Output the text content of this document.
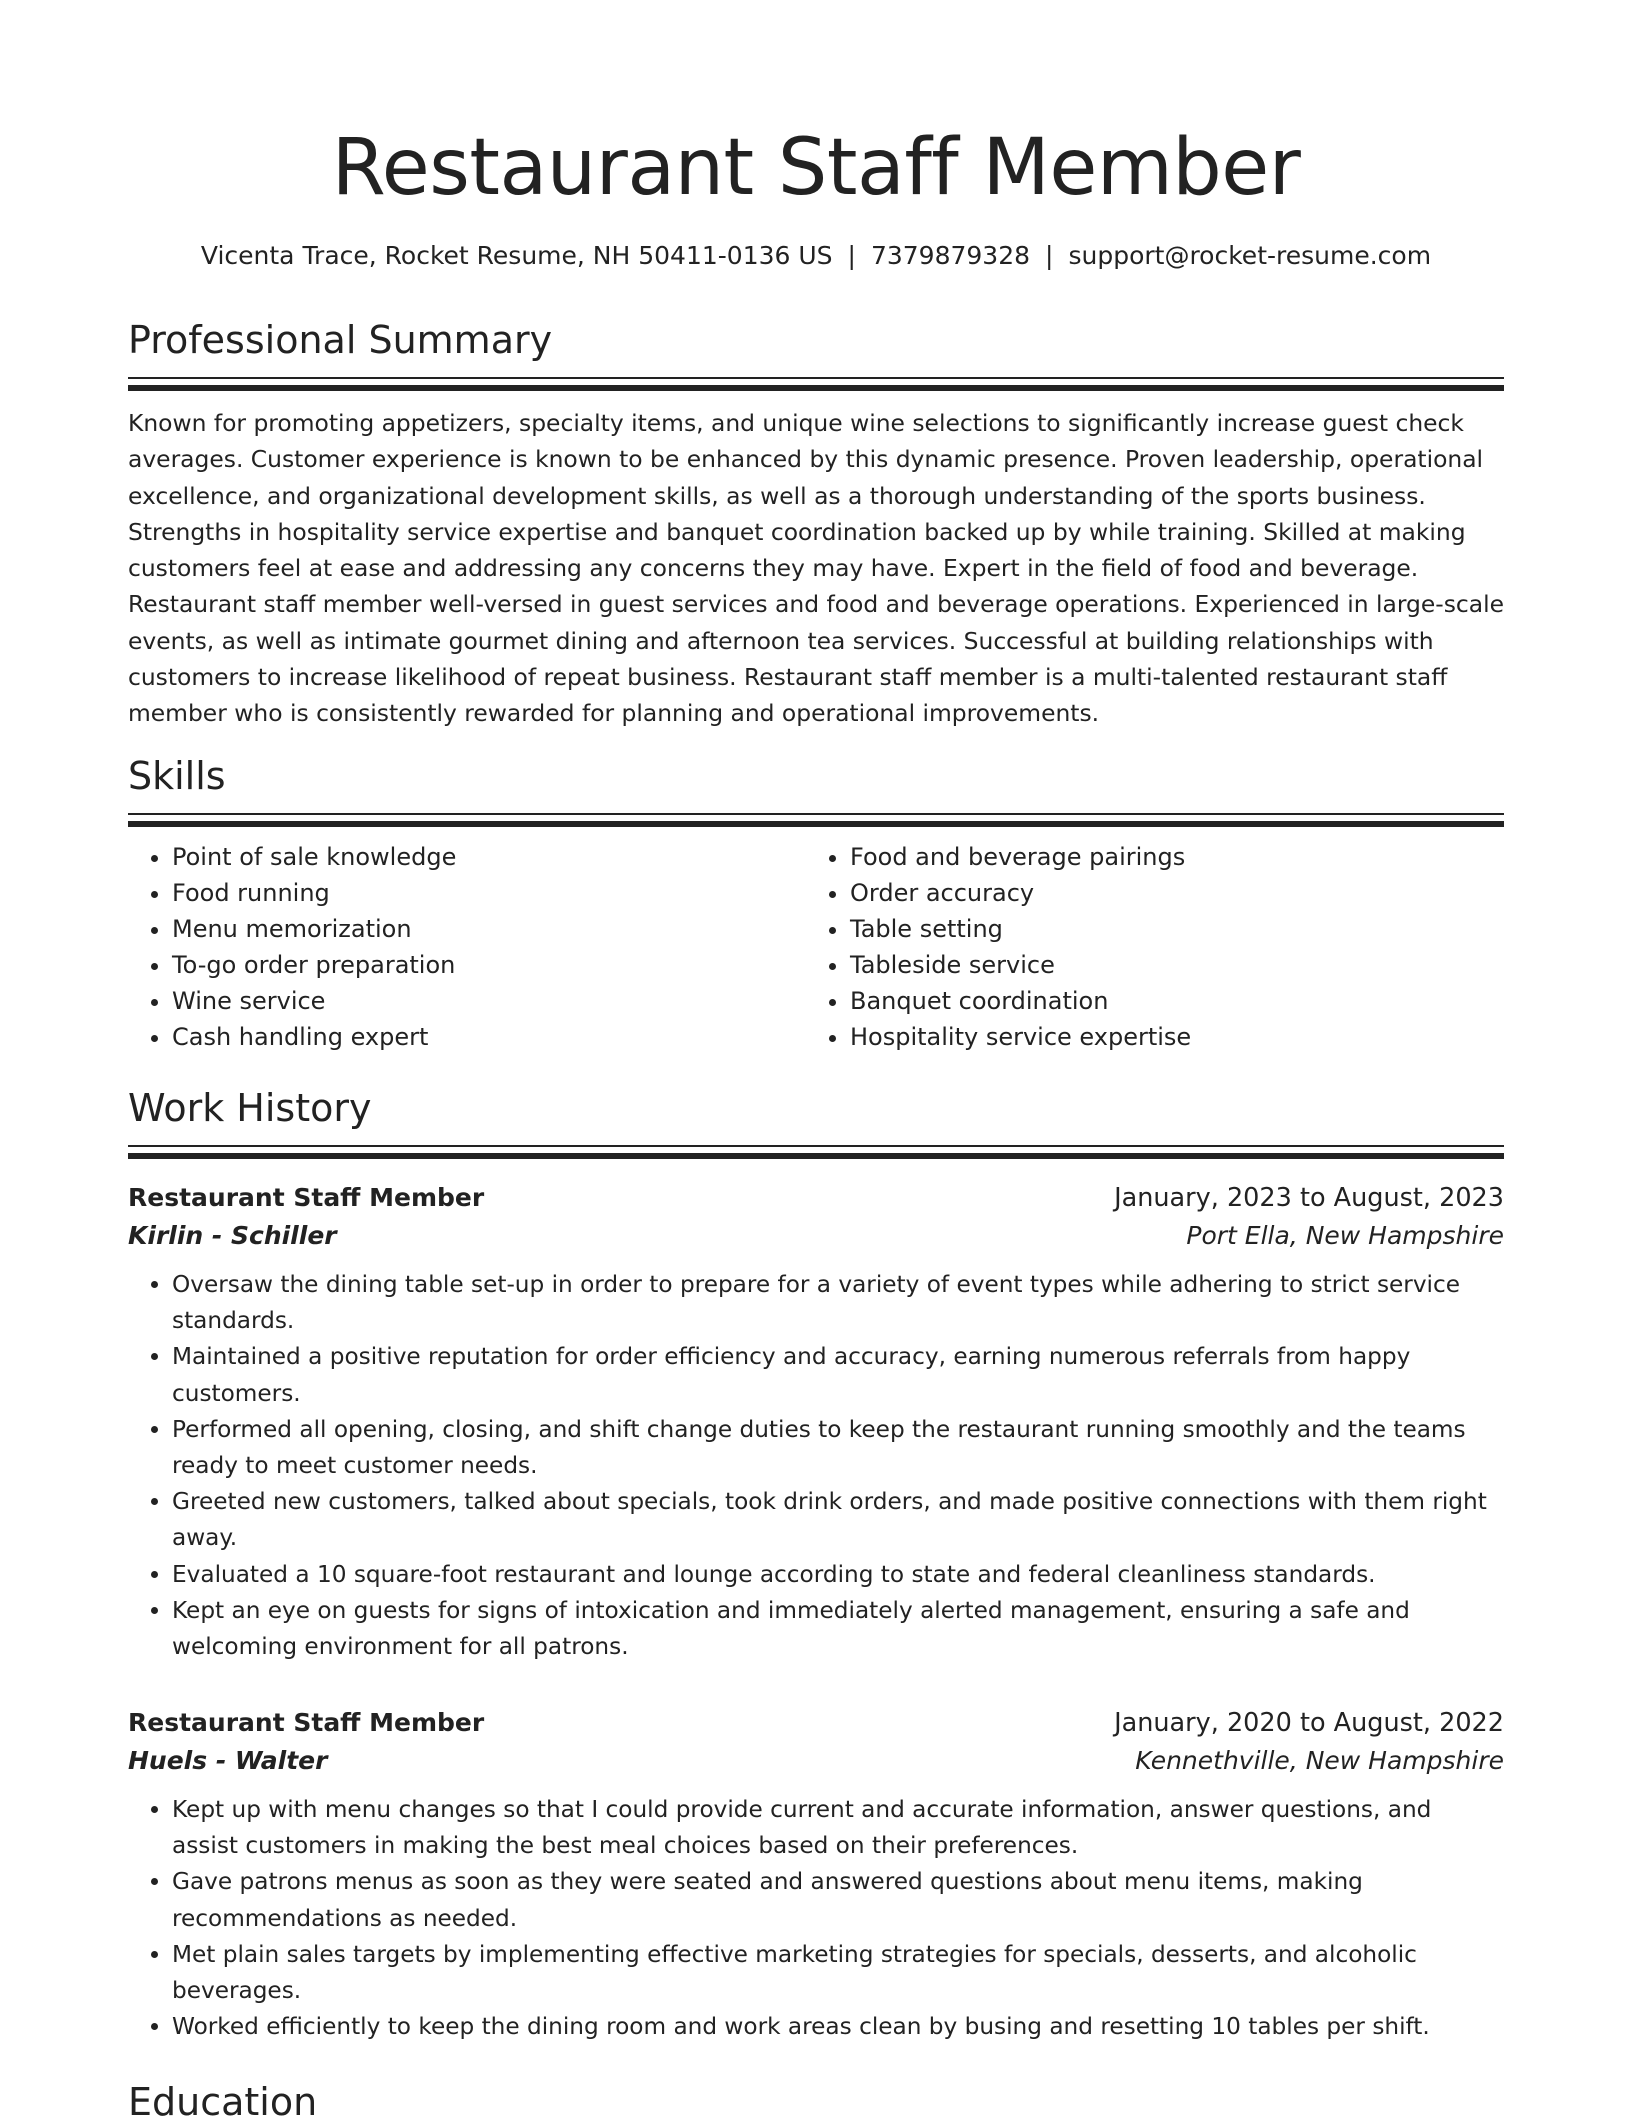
Restaurant Staff Member
Vicenta Trace, Rocket Resume, NH 50411-0136 US | 7379879328 | support@rocket-resume.com
Professional Summary
Known for promoting appetizers, specialty items, and unique wine selections to significantly increase guest check averages. Customer experience is known to be enhanced by this dynamic presence. Proven leadership, operational excellence, and organizational development skills, as well as a thorough understanding of the sports business. Strengths in hospitality service expertise and banquet coordination backed up by while training. Skilled at making customers feel at ease and addressing any concerns they may have. Expert in the field of food and beverage. Restaurant staff member well-versed in guest services and food and beverage operations. Experienced in large-scale events, as well as intimate gourmet dining and afternoon tea services. Successful at building relationships with customers to increase likelihood of repeat business. Restaurant staff member is a multi-talented restaurant staff member who is consistently rewarded for planning and operational improvements.
Skills
• Point of sale knowledge
• Food running
• Menu memorization
• To-go order preparation
• Wine service
• Cash handling expert
• Food and beverage pairings
• Order accuracy
• Table setting
• Tableside service
• Banquet coordination
• Hospitality service expertise
Work History
Restaurant Staff Member	January, 2023 to August, 2023
Kirlin - Schiller	Port Ella, New Hampshire
• Oversaw the dining table set-up in order to prepare for a variety of event types while adhering to strict service standards.
• Maintained a positive reputation for order efficiency and accuracy, earning numerous referrals from happy customers.
• Performed all opening, closing, and shift change duties to keep the restaurant running smoothly and the teams ready to meet customer needs.
• Greeted new customers, talked about specials, took drink orders, and made positive connections with them right away.
• Evaluated a 10 square-foot restaurant and lounge according to state and federal cleanliness standards.
• Kept an eye on guests for signs of intoxication and immediately alerted management, ensuring a safe and welcoming environment for all patrons.
Restaurant Staff Member	January, 2020 to August, 2022
Huels - Walter	Kennethville, New Hampshire
• Kept up with menu changes so that I could provide current and accurate information, answer questions, and assist customers in making the best meal choices based on their preferences.
• Gave patrons menus as soon as they were seated and answered questions about menu items, making recommendations as needed.
• Met plain sales targets by implementing effective marketing strategies for specials, desserts, and alcoholic beverages.
• Worked efficiently to keep the dining room and work areas clean by busing and resetting 10 tables per shift.
Education
